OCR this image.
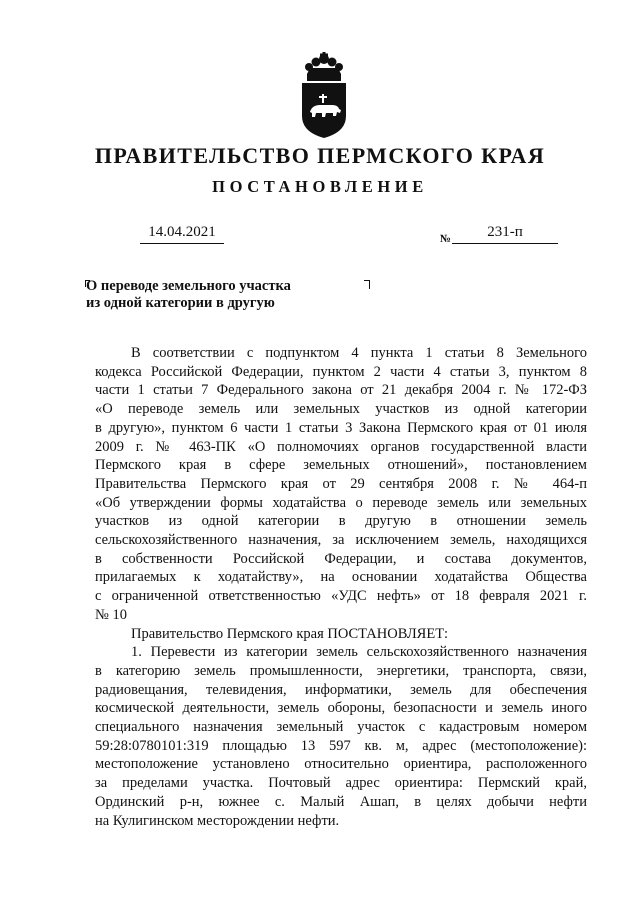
ПРАВИТЕЛЬСТВО ПЕРМСКОГО КРАЯ
ПОСТАНОВЛЕНИЕ
14.04.2021	№	231-п
О переводе земельного участка
из одной категории в другую

В соответствии с подпунктом 4 пункта 1 статьи 8 Земельного

кодекса Российской Федерации, пунктом 2 части 4 статьи 3, пунктом 8

части 1 статьи 7 Федерального закона от 21 декабря 2004 г. № 172-ФЗ

«О переводе земель или земельных участков из одной категории

в другую», пунктом 6 части 1 статьи 3 Закона Пермского края от 01 июля

2009 г. № 463-ПК «О полномочиях органов государственной власти

Пермского края в сфере земельных отношений», постановлением

Правительства Пермского края от 29 сентября 2008 г. № 464-п

«Об утверждении формы ходатайства о переводе земель или земельных

участков из одной категории в другую в отношении земель

сельскохозяйственного назначения, за исключением земель, находящихся

в собственности Российской Федерации, и состава документов,

прилагаемых к ходатайству», на основании ходатайства Общества

с ограниченной ответственностью «УДС нефть» от 18 февраля 2021 г.

№ 10

Правительство Пермского края ПОСТАНОВЛЯЕТ:

1. Перевести из категории земель сельскохозяйственного назначения

в категорию земель промышленности, энергетики, транспорта, связи,

радиовещания, телевидения, информатики, земель для обеспечения

космической деятельности, земель обороны, безопасности и земель иного

специального назначения земельный участок с кадастровым номером

59:28:0780101:319 площадью 13 597 кв. м, адрес (местоположение):

местоположение установлено относительно ориентира, расположенного

за пределами участка. Почтовый адрес ориентира: Пермский край,

Ординский р-н, южнее с. Малый Ашап, в целях добычи нефти

на Кулигинском месторождении нефти.
